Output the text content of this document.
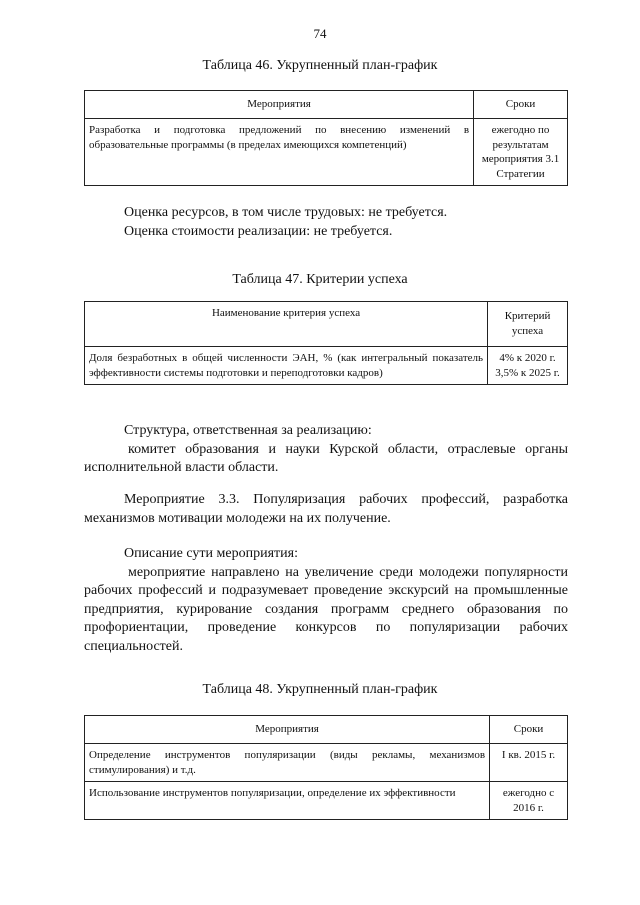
74
Таблица 46. Укрупненный план-график
Мероприятия	Сроки
Разработка и подготовка предложений по внесению изменений в образовательные программы (в пределах имеющихся компетенций)	ежегодно по результатам мероприятия 3.1 Стратегии

Оценка ресурсов, в том числе трудовых: не требуется.

Оценка стоимости реализации: не требуется.

Таблица 47. Критерии успеха
Наименование критерия успеха	Критерий успеха
Доля безработных в общей численности ЭАН, % (как интегральный показатель эффективности системы подготовки и переподготовки кадров)	4% к 2020 г. 3,5% к 2025 г.

Структура, ответственная за реализацию:

комитет образования и науки Курской области, отраслевые органы исполнительной власти области.

Мероприятие 3.3. Популяризация рабочих профессий, разработка механизмов мотивации молодежи на их получение.

Описание сути мероприятия:

мероприятие направлено на увеличение среди молодежи популярности рабочих профессий и подразумевает проведение экскурсий на промышленные предприятия, курирование создания программ среднего образования по профориентации, проведение конкурсов по популяризации рабочих специальностей.

Таблица 48. Укрупненный план-график
Мероприятия	Сроки
Определение инструментов популяризации (виды рекламы, механизмов стимулирования) и т.д.	I кв. 2015 г.
Использование инструментов популяризации, определение их эффективности	ежегодно с 2016 г.
